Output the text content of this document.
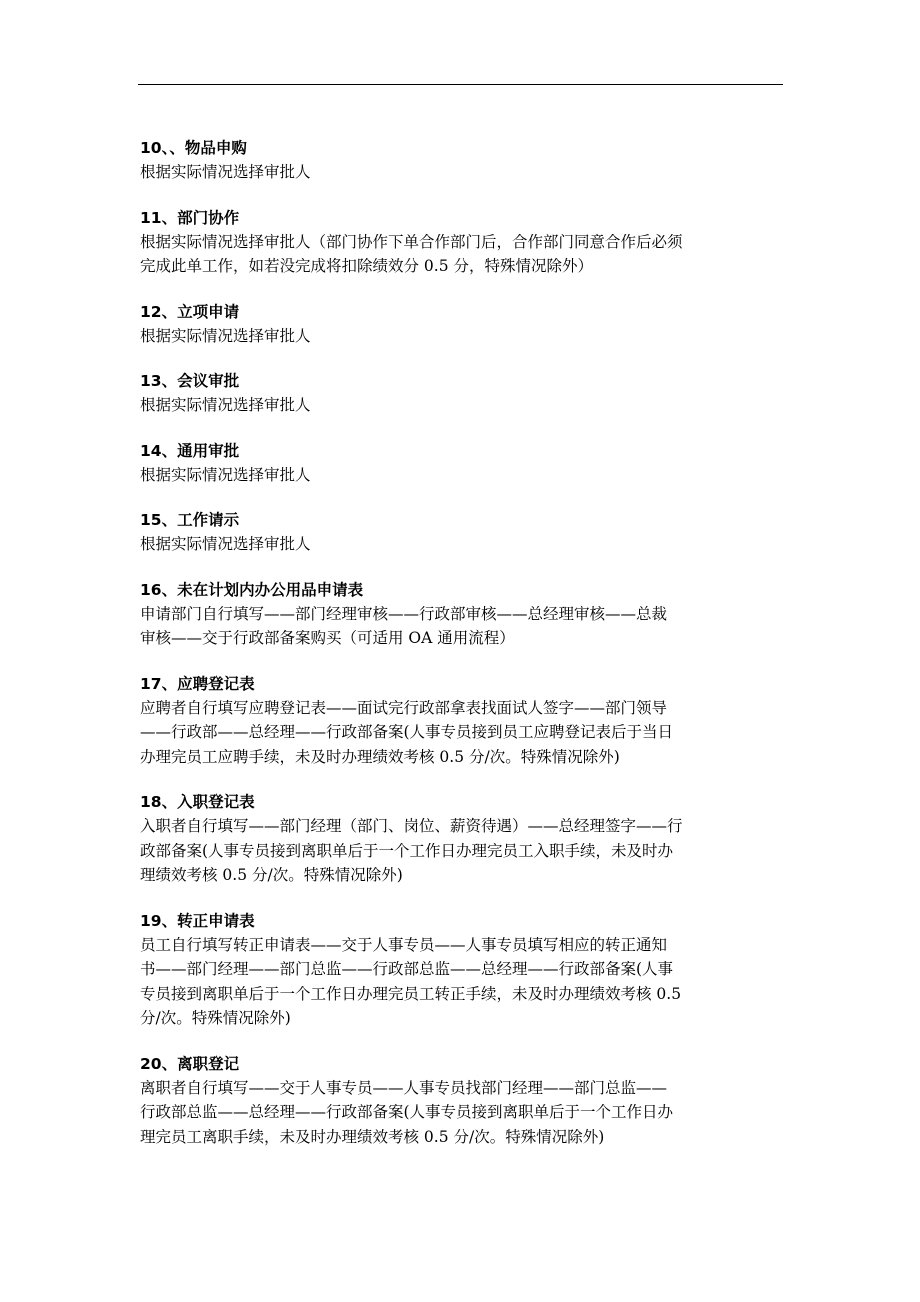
10、、物品申购
根据实际情况选择审批人
11、部门协作
根据实际情况选择审批人（部门协作下单合作部门后，合作部门同意合作后必须
完成此单工作，如若没完成将扣除绩效分 0.5 分，特殊情况除外）
12、立项申请
根据实际情况选择审批人
13、会议审批
根据实际情况选择审批人
14、通用审批
根据实际情况选择审批人
15、工作请示
根据实际情况选择审批人
16、未在计划内办公用品申请表
申请部门自行填写——部门经理审核——行政部审核——总经理审核——总裁
审核——交于行政部备案购买（可适用 OA 通用流程）
17、应聘登记表
应聘者自行填写应聘登记表——面试完行政部拿表找面试人签字——部门领导
——行政部——总经理——行政部备案(人事专员接到员工应聘登记表后于当日
办理完员工应聘手续，未及时办理绩效考核 0.5 分/次。特殊情况除外)
18、入职登记表
入职者自行填写——部门经理（部门、岗位、薪资待遇）——总经理签字——行
政部备案(人事专员接到离职单后于一个工作日办理完员工入职手续，未及时办
理绩效考核 0.5 分/次。特殊情况除外)
19、转正申请表
员工自行填写转正申请表——交于人事专员——人事专员填写相应的转正通知
书——部门经理——部门总监——行政部总监——总经理——行政部备案(人事
专员接到离职单后于一个工作日办理完员工转正手续，未及时办理绩效考核 0.5
分/次。特殊情况除外)
20、离职登记
离职者自行填写——交于人事专员——人事专员找部门经理——部门总监——
行政部总监——总经理——行政部备案(人事专员接到离职单后于一个工作日办
理完员工离职手续，未及时办理绩效考核 0.5 分/次。特殊情况除外)
